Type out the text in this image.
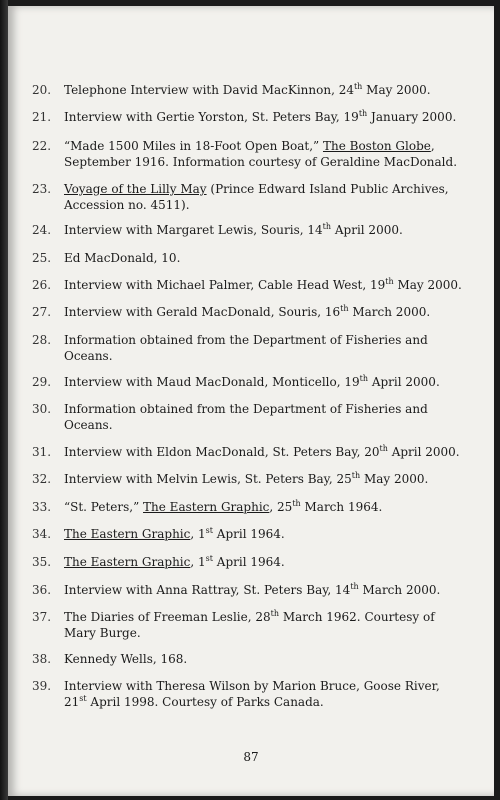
20.	Telephone Interview with David MacKinnon, 24th May 2000.
21.	Interview with Gertie Yorston, St. Peters Bay, 19th January 2000.
22.	“Made 1500 Miles in 18-Foot Open Boat,” The Boston Globe, September 1916. Information courtesy of Geraldine MacDonald.
23.	Voyage of the Lilly May (Prince Edward Island Public Archives, Accession no. 4511).
24.	Interview with Margaret Lewis, Souris, 14th April 2000.
25.	Ed MacDonald, 10.
26.	Interview with Michael Palmer, Cable Head West, 19th May 2000.
27.	Interview with Gerald MacDonald, Souris, 16th March 2000.
28.	Information obtained from the Department of Fisheries and Oceans.
29.	Interview with Maud MacDonald, Monticello, 19th April 2000.
30.	Information obtained from the Department of Fisheries and Oceans.
31.	Interview with Eldon MacDonald, St. Peters Bay, 20th April 2000.
32.	Interview with Melvin Lewis, St. Peters Bay, 25th May 2000.
33.	“St. Peters,” The Eastern Graphic, 25th March 1964.
34.	The Eastern Graphic, 1st April 1964.
35.	The Eastern Graphic, 1st April 1964.
36.	Interview with Anna Rattray, St. Peters Bay, 14th March 2000.
37.	The Diaries of Freeman Leslie, 28th March 1962. Courtesy of Mary Burge.
38.	Kennedy Wells, 168.
39.	Interview with Theresa Wilson by Marion Bruce, Goose River, 21st April 1998. Courtesy of Parks Canada.
87
